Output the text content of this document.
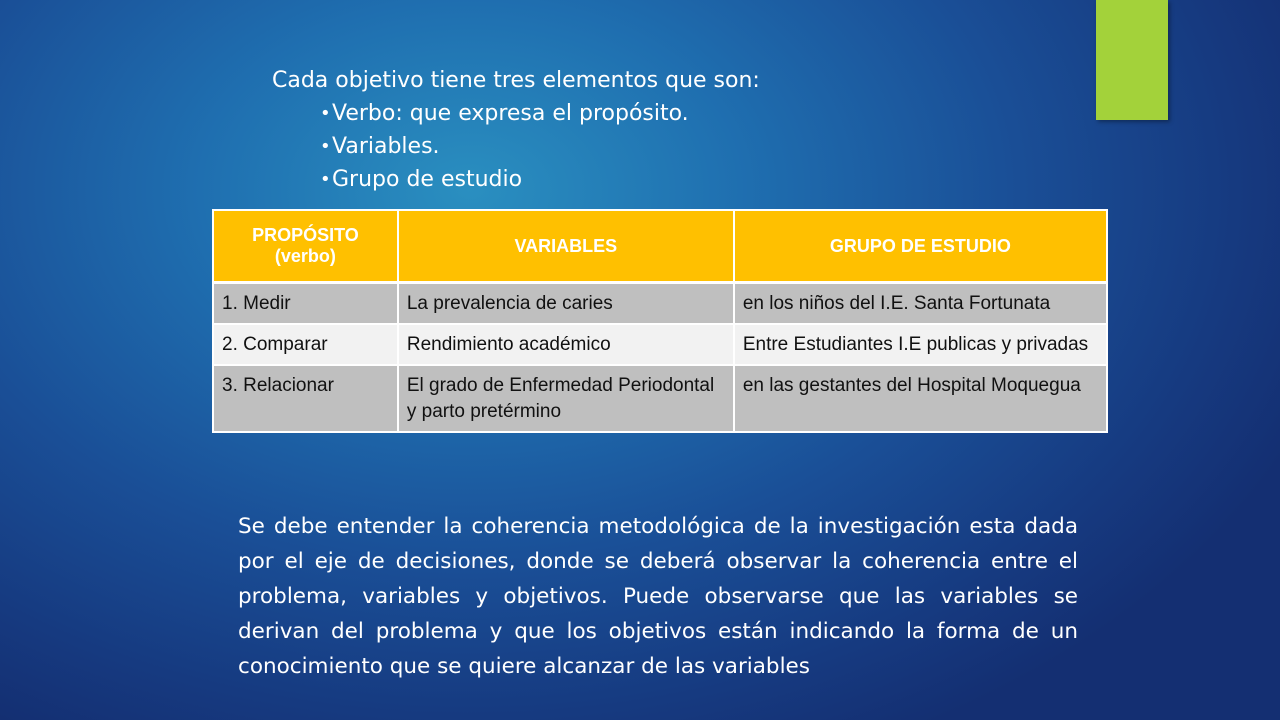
Cada objetivo tiene tres elementos que son:

• Verbo: que expresa el propósito.
• Variables.
• Grupo de estudio
PROPÓSITO (verbo)	VARIABLES	GRUPO DE ESTUDIO
1. Medir	La prevalencia de caries	en los niños del I.E. Santa Fortunata
2. Comparar	Rendimiento académico	Entre Estudiantes I.E publicas y privadas
3. Relacionar	El grado de Enfermedad Periodontal y parto pretérmino	en las gestantes del Hospital Moquegua

Se debe entender la coherencia metodológica de la investigación esta dada por el eje de decisiones, donde se deberá observar la coherencia entre el problema, variables y objetivos. Puede observarse que las variables se derivan del problema y que los objetivos están indicando la forma de un conocimiento que se quiere alcanzar de las variables
